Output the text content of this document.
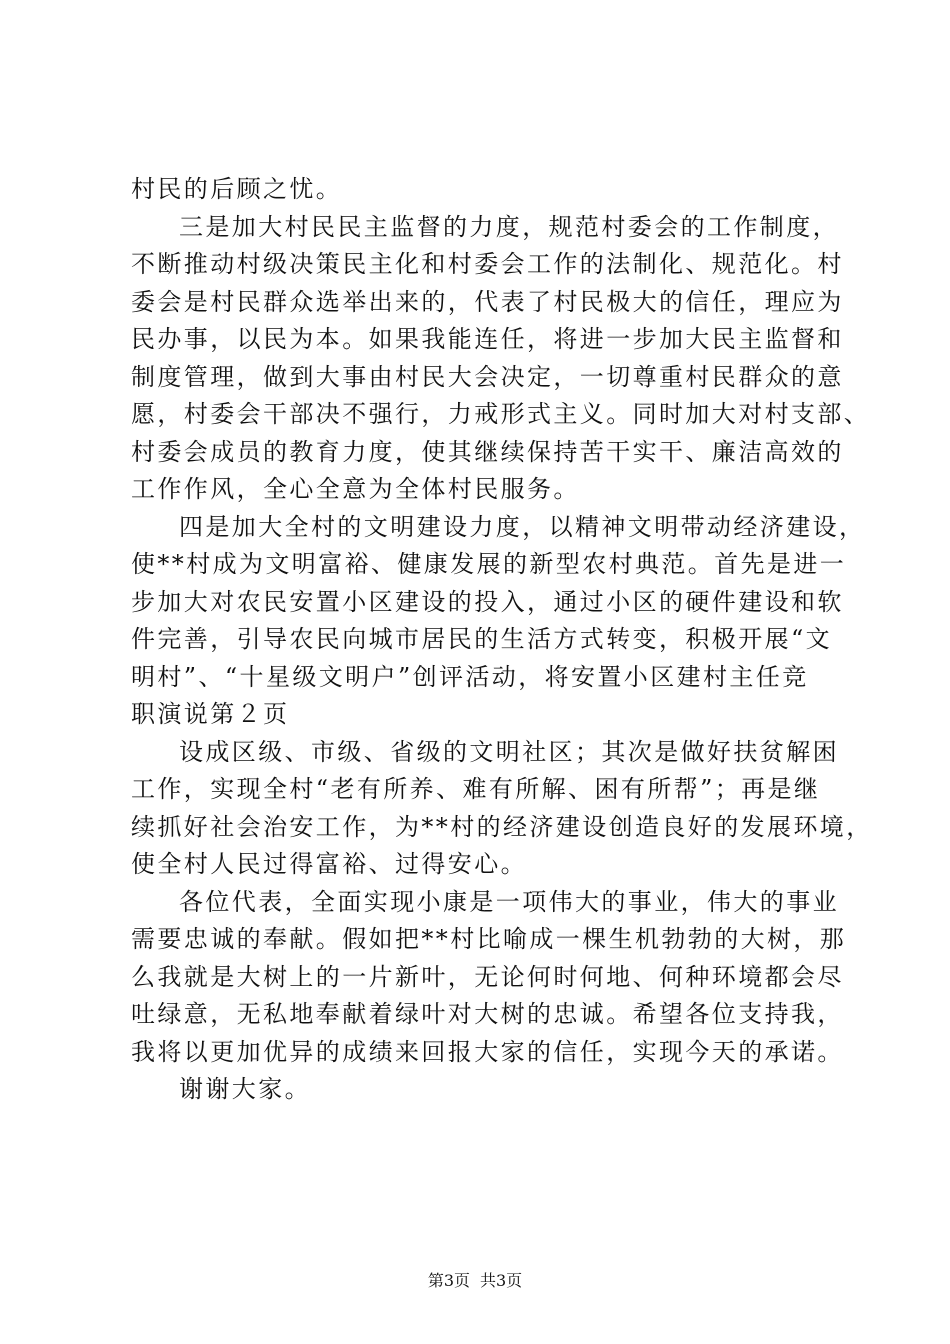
村民的后顾之忧。
三是加大村民民主监督的力度，规范村委会的工作制度，
不断推动村级决策民主化和村委会工作的法制化、规范化。村
委会是村民群众选举出来的，代表了村民极大的信任，理应为
民办事，以民为本。如果我能连任，将进一步加大民主监督和
制度管理，做到大事由村民大会决定，一切尊重村民群众的意
愿，村委会干部决不强行，力戒形式主义。同时加大对村支部、
村委会成员的教育力度，使其继续保持苦干实干、廉洁高效的
工作作风，全心全意为全体村民服务。
四是加大全村的文明建设力度，以精神文明带动经济建设，
使**村成为文明富裕、健康发展的新型农村典范。首先是进一
步加大对农民安置小区建设的投入，通过小区的硬件建设和软
件完善，引导农民向城市居民的生活方式转变，积极开展“文
明村”、“十星级文明户”创评活动，将安置小区建村主任竞
职演说第２页
设成区级、市级、省级的文明社区；其次是做好扶贫解困
工作，实现全村“老有所养、难有所解、困有所帮”；再是继
续抓好社会治安工作，为**村的经济建设创造良好的发展环境，
使全村人民过得富裕、过得安心。
各位代表，全面实现小康是一项伟大的事业，伟大的事业
需要忠诚的奉献。假如把**村比喻成一棵生机勃勃的大树，那
么我就是大树上的一片新叶，无论何时何地、何种环境都会尽
吐绿意，无私地奉献着绿叶对大树的忠诚。希望各位支持我，
我将以更加优异的成绩来回报大家的信任，实现今天的承诺。
谢谢大家。
第3页 共3页
